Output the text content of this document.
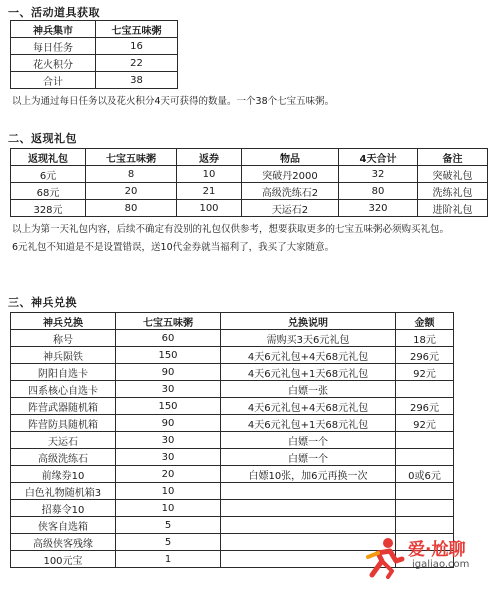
一、活动道具获取
神兵集市	七宝五味粥
每日任务	16
花火积分	22
合计	38

以上为通过每日任务以及花火积分4天可获得的数量。一个38个七宝五味粥。

二、返现礼包
返现礼包	七宝五味粥	返券	物品	4天合计	备注
6元	8	10	突破丹2000	32	突破礼包
68元	20	21	高级洗练石2	80	洗练礼包
328元	80	100	天运石2	320	进阶礼包

以上为第一天礼包内容，后续不确定有没别的礼包仅供参考，想要获取更多的七宝五味粥必须购买礼包。

6元礼包不知道是不是设置错误，送10代金券就当福利了，我买了大家随意。

三、神兵兑换
神兵兑换	七宝五味粥	兑换说明	金额
称号	60	需购买3天6元礼包	18元
神兵陨铁	150	4天6元礼包+4天68元礼包	296元
阴阳自选卡	90	4天6元礼包+1天68元礼包	92元
四系核心自选卡	30	白嫖一张	
阵营武器随机箱	150	4天6元礼包+4天68元礼包	296元
阵营防具随机箱	90	4天6元礼包+1天68元礼包	92元
天运石	30	白嫖一个	
高级洗练石	30	白嫖一个	
前缘券10	20	白嫖10张，加6元再换一次	0或6元
白色礼物随机箱3	10		
招募令10	10		
侠客自选箱	5		
高级侠客残缘	5		
100元宝	1			爱·尬聊
igaliao.com
